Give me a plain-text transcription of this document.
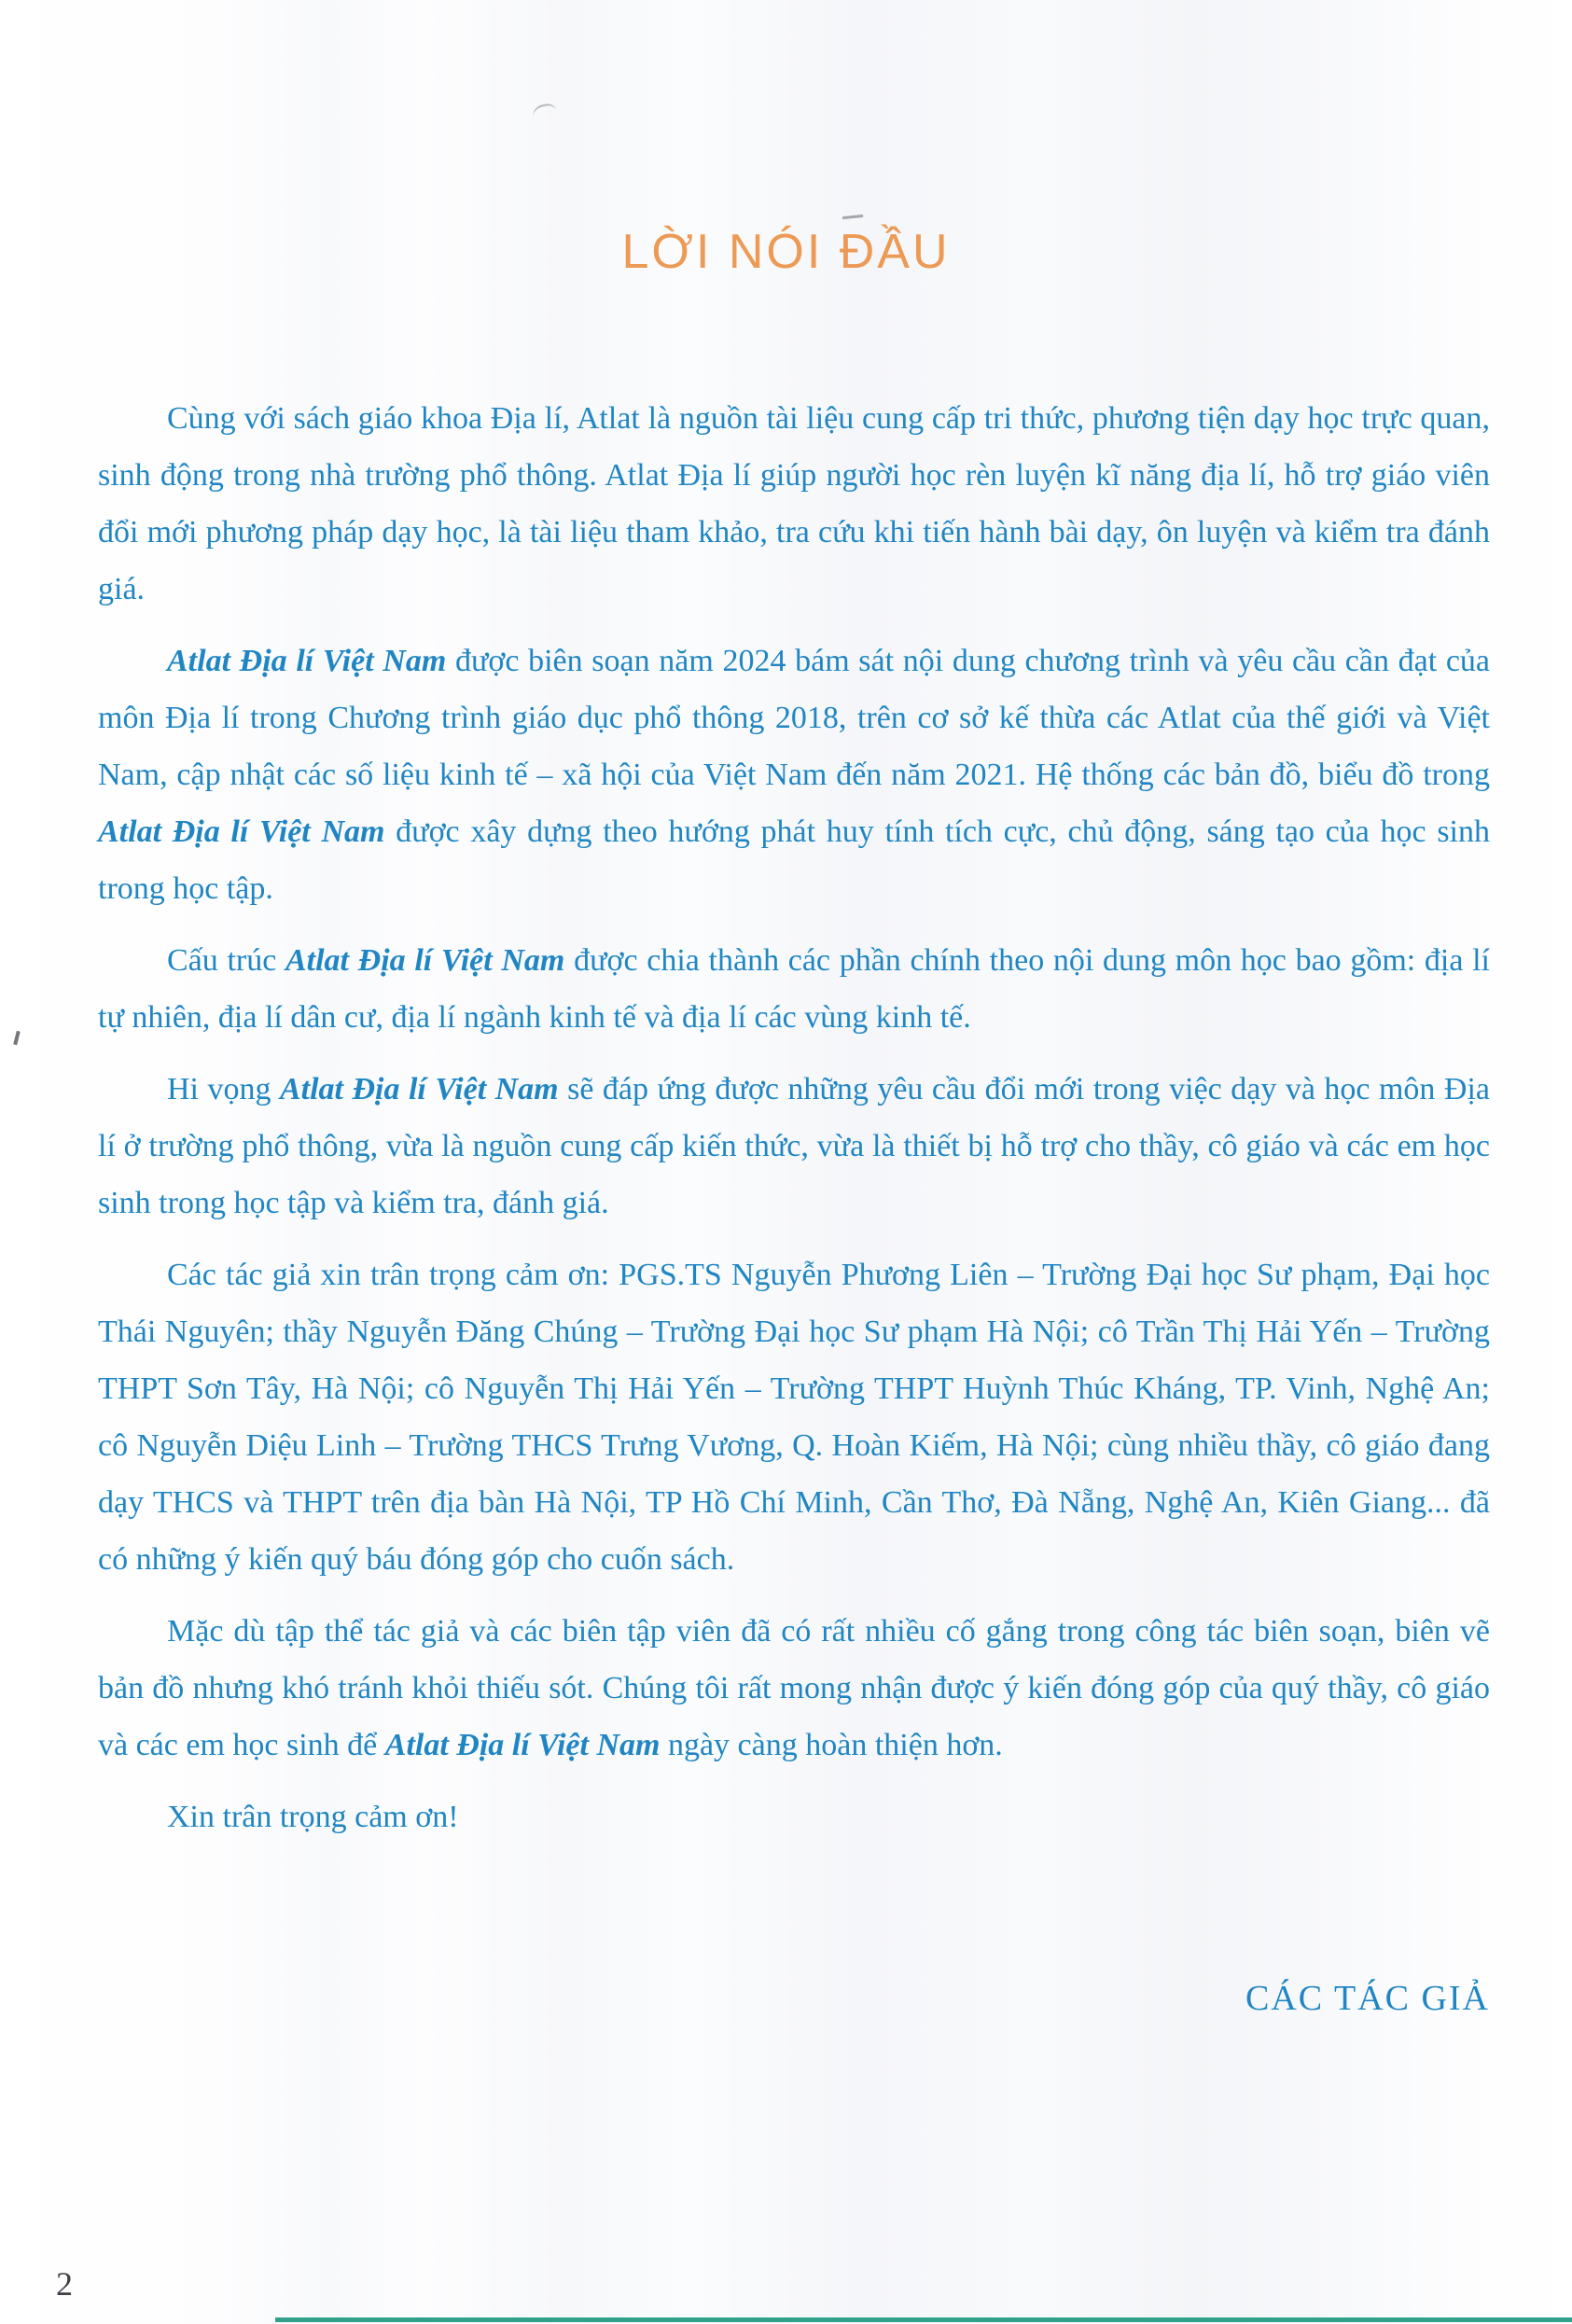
LỜI NÓI ĐẦU

Cùng với sách giáo khoa Địa lí, Atlat là nguồn tài liệu cung cấp tri thức, phương tiện dạy học trực quan, sinh động trong nhà trường phổ thông. Atlat Địa lí giúp người học rèn luyện kĩ năng địa lí, hỗ trợ giáo viên đổi mới phương pháp dạy học, là tài liệu tham khảo, tra cứu khi tiến hành bài dạy, ôn luyện và kiểm tra đánh giá.

Atlat Địa lí Việt Nam được biên soạn năm 2024 bám sát nội dung chương trình và yêu cầu cần đạt của môn Địa lí trong Chương trình giáo dục phổ thông 2018, trên cơ sở kế thừa các Atlat của thế giới và Việt Nam, cập nhật các số liệu kinh tế – xã hội của Việt Nam đến năm 2021. Hệ thống các bản đồ, biểu đồ trong Atlat Địa lí Việt Nam được xây dựng theo hướng phát huy tính tích cực, chủ động, sáng tạo của học sinh trong học tập.

Cấu trúc Atlat Địa lí Việt Nam được chia thành các phần chính theo nội dung môn học bao gồm: địa lí tự nhiên, địa lí dân cư, địa lí ngành kinh tế và địa lí các vùng kinh tế.

Hi vọng Atlat Địa lí Việt Nam sẽ đáp ứng được những yêu cầu đổi mới trong việc dạy và học môn Địa lí ở trường phổ thông, vừa là nguồn cung cấp kiến thức, vừa là thiết bị hỗ trợ cho thầy, cô giáo và các em học sinh trong học tập và kiểm tra, đánh giá.

Các tác giả xin trân trọng cảm ơn: PGS.TS Nguyễn Phương Liên – Trường Đại học Sư phạm, Đại học Thái Nguyên; thầy Nguyễn Đăng Chúng – Trường Đại học Sư phạm Hà Nội; cô Trần Thị Hải Yến – Trường THPT Sơn Tây, Hà Nội; cô Nguyễn Thị Hải Yến – Trường THPT Huỳnh Thúc Kháng, TP. Vinh, Nghệ An; cô Nguyễn Diệu Linh – Trường THCS Trưng Vương, Q. Hoàn Kiếm, Hà Nội; cùng nhiều thầy, cô giáo đang dạy THCS và THPT trên địa bàn Hà Nội, TP Hồ Chí Minh, Cần Thơ, Đà Nẵng, Nghệ An, Kiên Giang... đã có những ý kiến quý báu đóng góp cho cuốn sách.

Mặc dù tập thể tác giả và các biên tập viên đã có rất nhiều cố gắng trong công tác biên soạn, biên vẽ bản đồ nhưng khó tránh khỏi thiếu sót. Chúng tôi rất mong nhận được ý kiến đóng góp của quý thầy, cô giáo và các em học sinh để Atlat Địa lí Việt Nam ngày càng hoàn thiện hơn.

Xin trân trọng cảm ơn!
CÁC TÁC GIẢ
2
